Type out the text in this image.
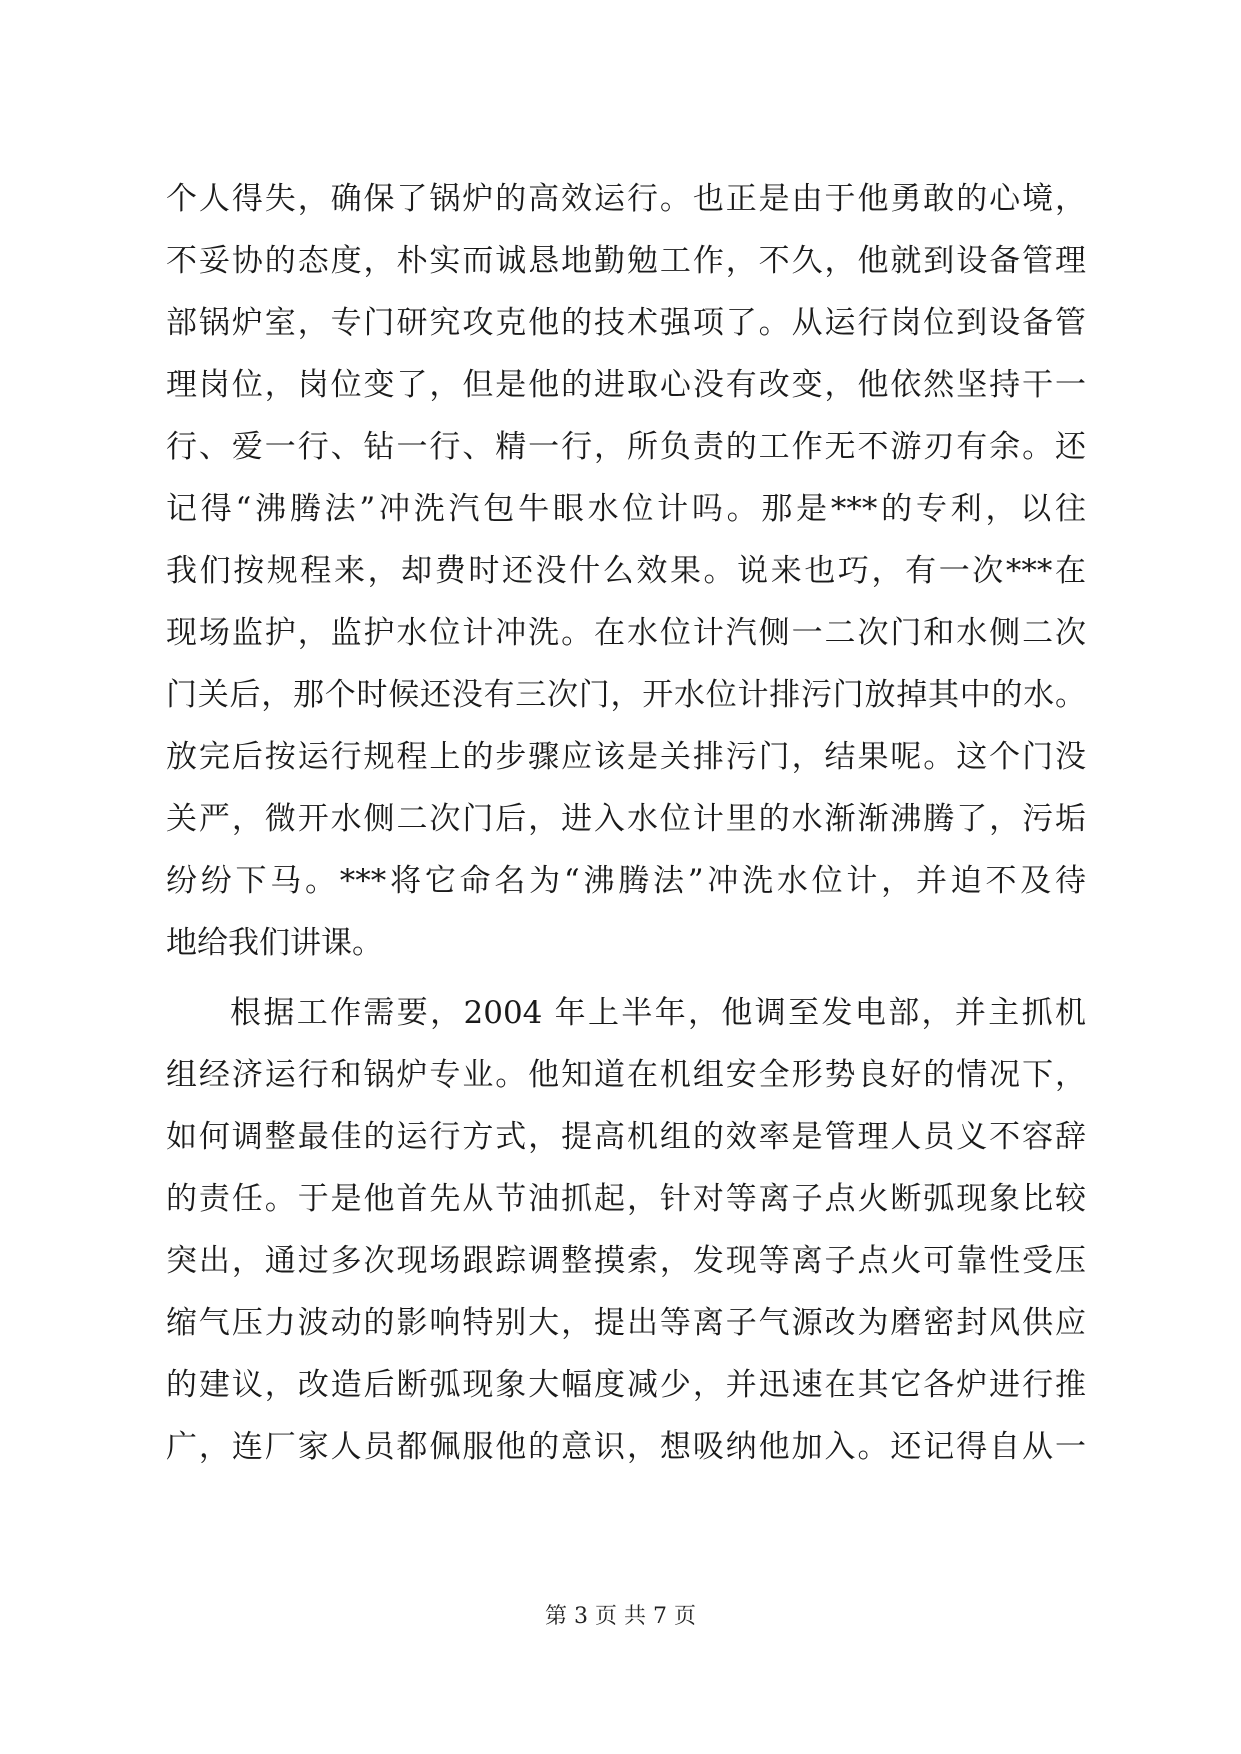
个人得失，确保了锅炉的高效运行。也正是由于他勇敢的心境，
不妥协的态度，朴实而诚恳地勤勉工作，不久，他就到设备管理
部锅炉室，专门研究攻克他的技术强项了。从运行岗位到设备管
理岗位，岗位变了，但是他的进取心没有改变，他依然坚持干一
行、爱一行、钻一行、精一行，所负责的工作无不游刃有余。还
记得“沸腾法”冲洗汽包牛眼水位计吗。那是***的专利，以往
我们按规程来，却费时还没什么效果。说来也巧，有一次***在
现场监护，监护水位计冲洗。在水位计汽侧一二次门和水侧二次
门关后，那个时候还没有三次门，开水位计排污门放掉其中的水。
放完后按运行规程上的步骤应该是关排污门，结果呢。这个门没
关严，微开水侧二次门后，进入水位计里的水渐渐沸腾了，污垢
纷纷下马。***将它命名为“沸腾法”冲洗水位计，并迫不及待
地给我们讲课。
根据工作需要，2004 年上半年，他调至发电部，并主抓机
组经济运行和锅炉专业。他知道在机组安全形势良好的情况下，
如何调整最佳的运行方式，提高机组的效率是管理人员义不容辞
的责任。于是他首先从节油抓起，针对等离子点火断弧现象比较
突出，通过多次现场跟踪调整摸索，发现等离子点火可靠性受压
缩气压力波动的影响特别大，提出等离子气源改为磨密封风供应
的建议，改造后断弧现象大幅度减少，并迅速在其它各炉进行推
广，连厂家人员都佩服他的意识，想吸纳他加入。还记得自从一
第 3 页 共 7 页
